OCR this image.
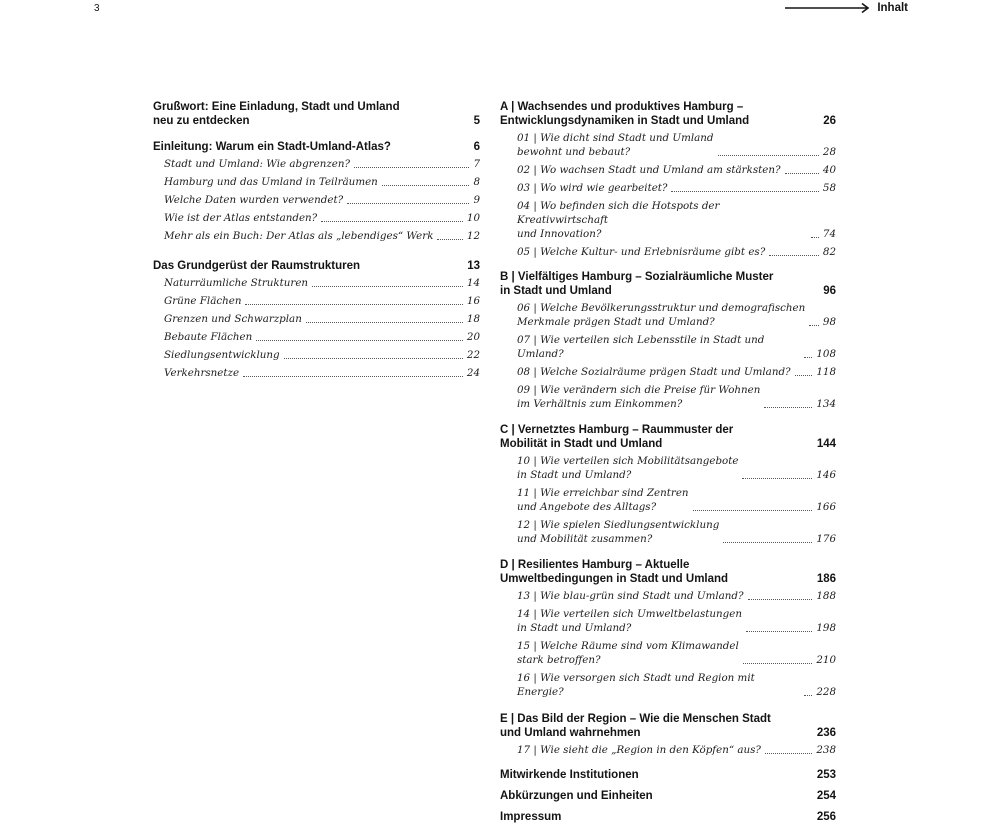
3	Inhalt
Grußwort: Eine Einladung, Stadt und Umland
neu zu entdecken	5
Einleitung: Warum ein Stadt-Umland-Atlas?	6
Stadt und Umland: Wie abgrenzen?	7
Hamburg und das Umland in Teilräumen	8
Welche Daten wurden verwendet?	9
Wie ist der Atlas entstanden?	10
Mehr als ein Buch: Der Atlas als „lebendiges“ Werk	12
Das Grundgerüst der Raumstrukturen	13
Naturräumliche Strukturen	14
Grüne Flächen	16
Grenzen und Schwarzplan	18
Bebaute Flächen	20
Siedlungsentwicklung	22
Verkehrsnetze	24
A | Wachsendes und produktives Hamburg –
Entwicklungsdynamiken in Stadt und Umland	26
01 | Wie dicht sind Stadt und Umland
bewohnt und bebaut?	28
02 | Wo wachsen Stadt und Umland am stärksten?	40
03 | Wo wird wie gearbeitet?	58
04 | Wo befinden sich die Hotspots der Kreativwirtschaft
und Innovation?	74
05 | Welche Kultur- und Erlebnisräume gibt es?	82
B | Vielfältiges Hamburg – Sozialräumliche Muster
in Stadt und Umland	96
06 | Welche Bevölkerungsstruktur und demografischen
Merkmale prägen Stadt und Umland?	98
07 | Wie verteilen sich Lebensstile in Stadt und Umland?	108
08 | Welche Sozialräume prägen Stadt und Umland?	118
09 | Wie verändern sich die Preise für Wohnen
im Verhältnis zum Einkommen?	134
C | Vernetztes Hamburg – Raummuster der
Mobilität in Stadt und Umland	144
10 | Wie verteilen sich Mobilitätsangebote
in Stadt und Umland?	146
11 | Wie erreichbar sind Zentren
und Angebote des Alltags?	166
12 | Wie spielen Siedlungsentwicklung
und Mobilität zusammen?	176
D | Resilientes Hamburg – Aktuelle
Umweltbedingungen in Stadt und Umland	186
13 | Wie blau-grün sind Stadt und Umland?	188
14 | Wie verteilen sich Umweltbelastungen
in Stadt und Umland?	198
15 | Welche Räume sind vom Klimawandel
stark betroffen?	210
16 | Wie versorgen sich Stadt und Region mit Energie?	228
E | Das Bild der Region – Wie die Menschen Stadt
und Umland wahrnehmen	236
17 | Wie sieht die „Region in den Köpfen“ aus?	238
Mitwirkende Institutionen	253
Abkürzungen und Einheiten	254
Impressum	256
